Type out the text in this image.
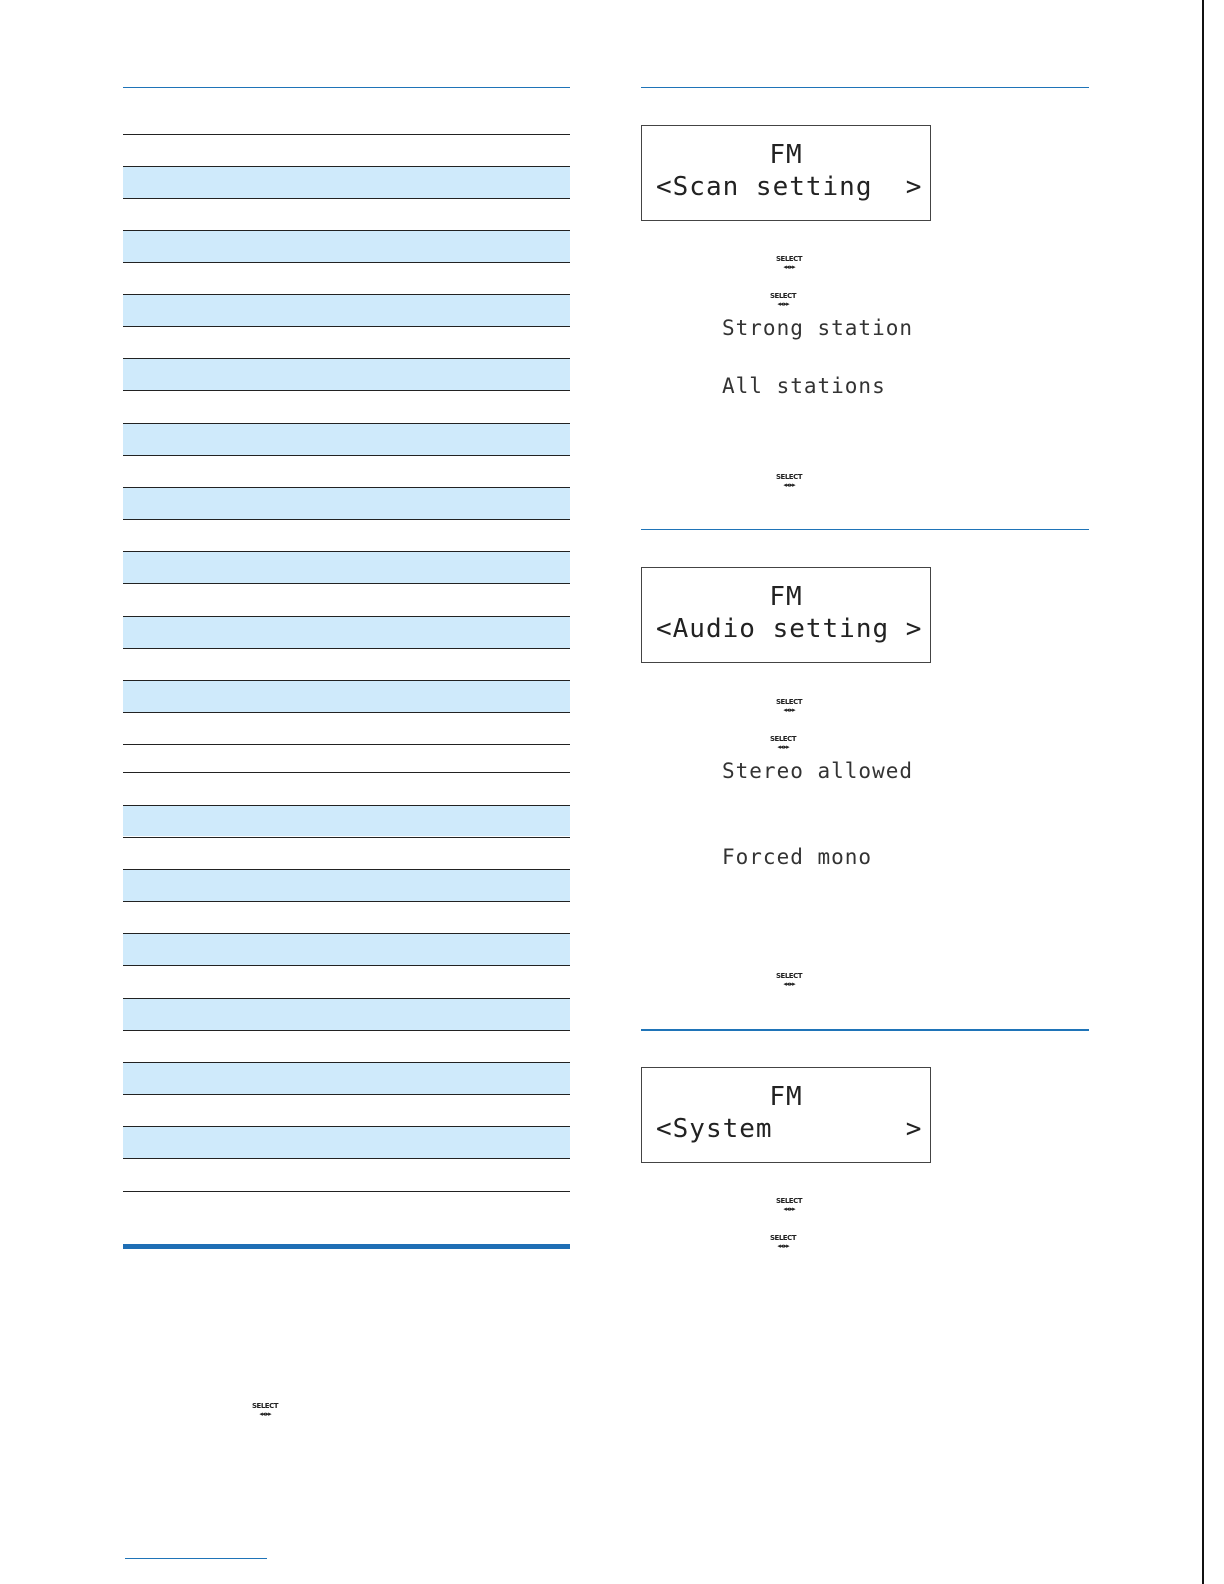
SELECT
◂◂ ▸▸
FM
<Scan setting  >
SELECT
◂◂ ▸▸
SELECT
◂◂ ▸▸
Strong station
All stations
SELECT
◂◂ ▸▸
FM
<Audio setting >
SELECT
◂◂ ▸▸
SELECT
◂◂ ▸▸
Stereo allowed
Forced mono
SELECT
◂◂ ▸▸
FM
<System        >
SELECT
◂◂ ▸▸
SELECT
◂◂ ▸▸
